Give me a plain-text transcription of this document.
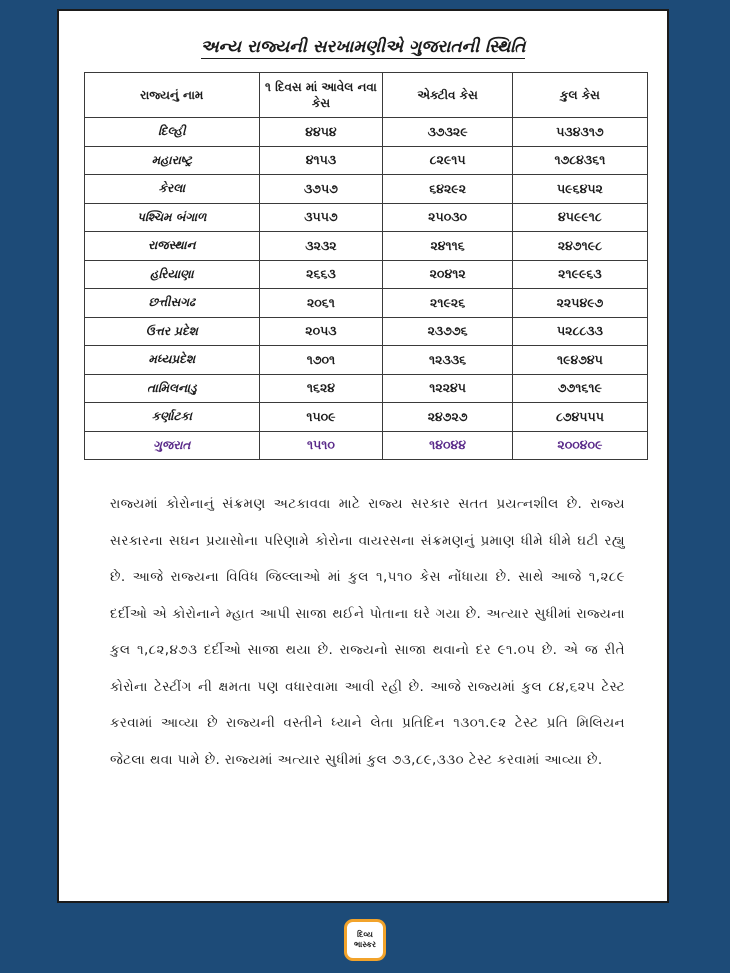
અન્ય રાજ્યની સરખામણીએ ગુજરાતની સ્થિતિ
રાજ્યનું નામ	૧ દિવસ માં આવેલ નવા કેસ	એક્ટીવ કેસ	કુલ કેસ
દિલ્હી	૪૪૫૪	૩૭૩૨૯	૫૩૪૩૧૭
મહારાષ્ટ્ર	૪૧૫૩	૮૨૯૧૫	૧૭૮૪૩૬૧
કેરલા	૩૭૫૭	૬૪૨૯૨	૫૯૬૪૫૨
પશ્ચિમ બંગાળ	૩૫૫૭	૨૫૦૩૦	૪૫૯૯૧૮
રાજસ્થાન	૩૨૩૨	૨૪૧૧૬	૨૪૭૧૯૮
હરિયાણા	૨૬૬૩	૨૦૪૧૨	૨૧૯૯૬૩
છત્તીસગઢ	૨૦૬૧	૨૧૯૨૬	૨૨૫૪૯૭
ઉત્તર પ્રદેશ	૨૦૫૩	૨૩૭૭૬	૫૨૮૮૩૩
મધ્યપ્રદેશ	૧૭૦૧	૧૨૩૩૬	૧૯૪૭૪૫
તામિલનાડુ	૧૬૨૪	૧૨૨૪૫	૭૭૧૬૧૯
કર્ણાટકા	૧૫૦૯	૨૪૭૨૭	૮૭૪૫૫૫
ગુજરાત	૧૫૧૦	૧૪૦૪૪	૨૦૦૪૦૯
રાજ્યમાં કોરોનાનું સંક્રમણ અટકાવવા માટે રાજ્ય સરકાર સતત પ્રયત્નશીલ છે. રાજ્ય સરકારના સઘન પ્રયાસોના પરિણામે કોરોના વાયરસના સંક્રમણનું પ્રમાણ ધીમે ધીમે ઘટી રહ્યુ છે. આજે રાજ્યના વિવિધ જિલ્લાઓ માં કુલ ૧,૫૧૦ કેસ નોંધાયા છે. સાથે આજે ૧,૨૮૯ દર્દીઓ એ કોરોનાને મ્હાત આપી સાજા થઈને પોતાના ઘરે ગયા છે. અત્યાર સુધીમાં રાજ્યના કુલ ૧,૮૨,૪૭૩ દર્દીઓ સાજા થયા છે. રાજ્યનો સાજા થવાનો દર ૯૧.૦૫ છે. એ જ રીતે કોરોના ટેસ્ટીંગ ની ક્ષમતા પણ વધારવામા આવી રહી છે. આજે રાજ્યમાં કુલ ૮૪,૬૨૫ ટેસ્ટ કરવામાં આવ્યા છે રાજ્યની વસ્તીને ધ્યાને લેતા પ્રતિદિન ૧૩૦૧.૯૨ ટેસ્ટ પ્રતિ મિલિયન જેટલા થવા પામે છે. રાજ્યમાં અત્યાર સુધીમાં કુલ ૭૩,૮૯,૩૩૦ ટેસ્ટ કરવામાં આવ્યા છે.
દિવ્ય ભાસ્કર
